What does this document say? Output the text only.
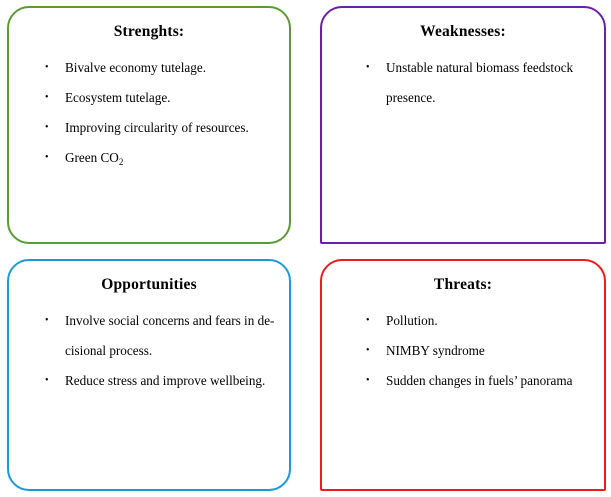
Strenghts:
• Bivalve economy tutelage.
• Ecosystem tutelage.
• Improving circularity of resources.
• Green $CO_2$
Weaknesses:
• Unstable natural biomass feedstock presence.
Opportunities
• Involve social concerns and fears in de-cisional process.
• Reduce stress and improve wellbeing.
Threats:
• Pollution.
• NIMBY syndrome
• Sudden changes in fuels’ panorama
